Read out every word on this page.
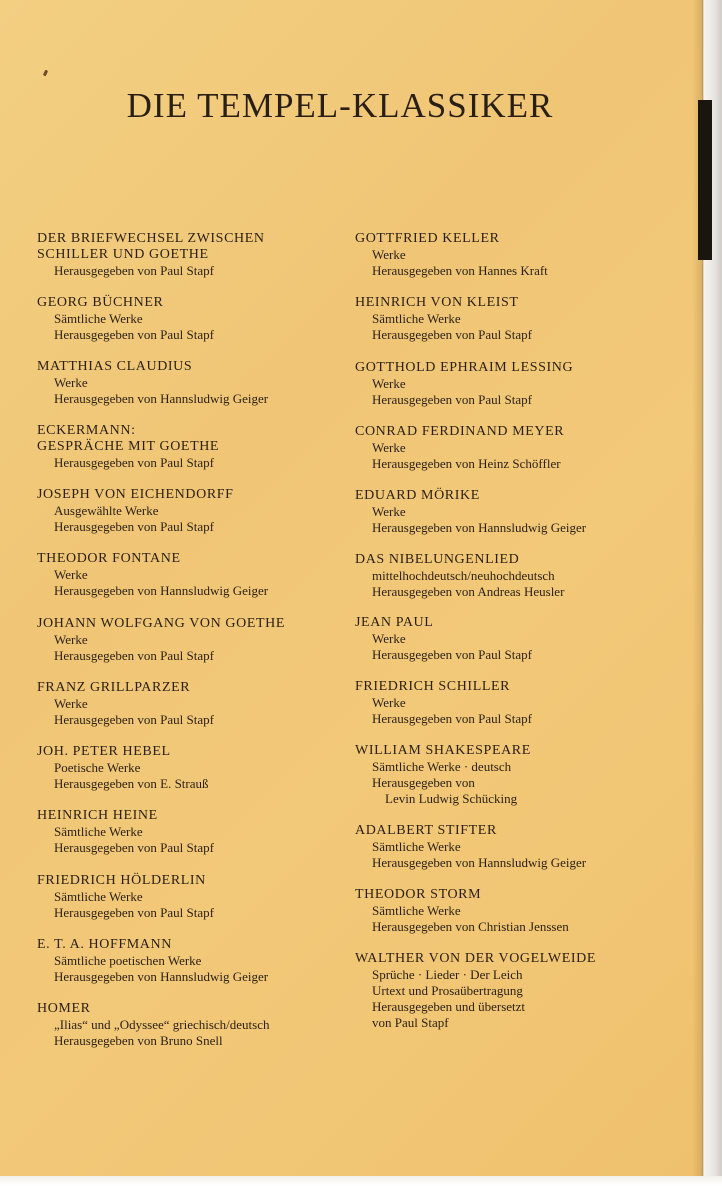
DIE TEMPEL-KLASSIKER
DER BRIEFWECHSEL ZWISCHEN
SCHILLER UND GOETHE
Herausgegeben von Paul Stapf
GEORG BÜCHNER
Sämtliche Werke
Herausgegeben von Paul Stapf
MATTHIAS CLAUDIUS
Werke
Herausgegeben von Hannsludwig Geiger
ECKERMANN:
GESPRÄCHE MIT GOETHE
Herausgegeben von Paul Stapf
JOSEPH VON EICHENDORFF
Ausgewählte Werke
Herausgegeben von Paul Stapf
THEODOR FONTANE
Werke
Herausgegeben von Hannsludwig Geiger
JOHANN WOLFGANG VON GOETHE
Werke
Herausgegeben von Paul Stapf
FRANZ GRILLPARZER
Werke
Herausgegeben von Paul Stapf
JOH. PETER HEBEL
Poetische Werke
Herausgegeben von E. Strauß
HEINRICH HEINE
Sämtliche Werke
Herausgegeben von Paul Stapf
FRIEDRICH HÖLDERLIN
Sämtliche Werke
Herausgegeben von Paul Stapf
E. T. A. HOFFMANN
Sämtliche poetischen Werke
Herausgegeben von Hannsludwig Geiger
HOMER
„Ilias“ und „Odyssee“ griechisch/deutsch
Herausgegeben von Bruno Snell
GOTTFRIED KELLER
Werke
Herausgegeben von Hannes Kraft
HEINRICH VON KLEIST
Sämtliche Werke
Herausgegeben von Paul Stapf
GOTTHOLD EPHRAIM LESSING
Werke
Herausgegeben von Paul Stapf
CONRAD FERDINAND MEYER
Werke
Herausgegeben von Heinz Schöffler
EDUARD MÖRIKE
Werke
Herausgegeben von Hannsludwig Geiger
DAS NIBELUNGENLIED
mittelhochdeutsch/neuhochdeutsch
Herausgegeben von Andreas Heusler
JEAN PAUL
Werke
Herausgegeben von Paul Stapf
FRIEDRICH SCHILLER
Werke
Herausgegeben von Paul Stapf
WILLIAM SHAKESPEARE
Sämtliche Werke · deutsch
Herausgegeben von
Levin Ludwig Schücking
ADALBERT STIFTER
Sämtliche Werke
Herausgegeben von Hannsludwig Geiger
THEODOR STORM
Sämtliche Werke
Herausgegeben von Christian Jenssen
WALTHER VON DER VOGELWEIDE
Sprüche · Lieder · Der Leich
Urtext und Prosaübertragung
Herausgegeben und übersetzt
von Paul Stapf
